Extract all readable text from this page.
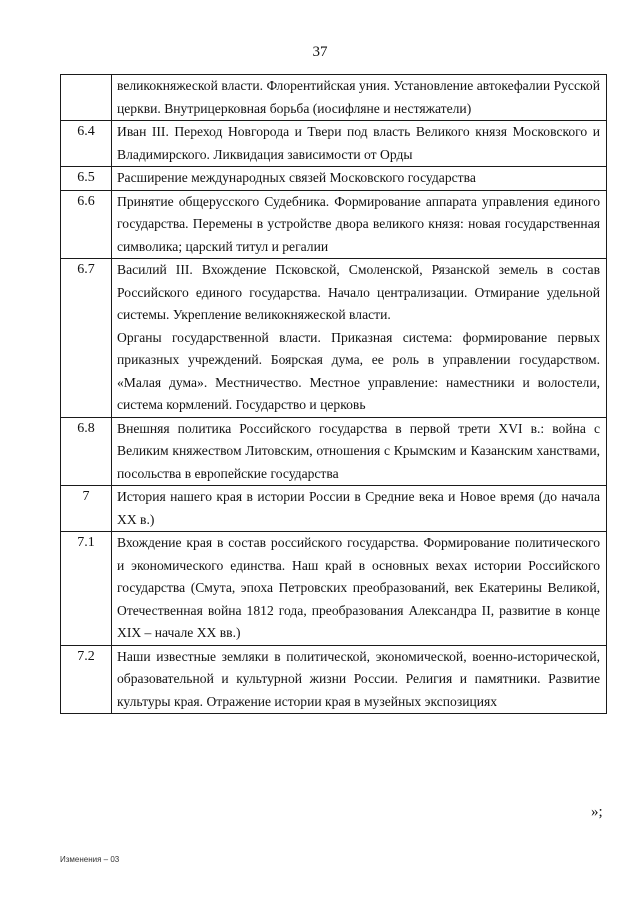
37

	великокняжеской власти. Флорентийская уния. Установление автокефалии Русской церкви. Внутрицерковная борьба (иосифляне и нестяжатели)

6.4	Иван III. Переход Новгорода и Твери под власть Великого князя Московского и Владимирского. Ликвидация зависимости от Орды

6.5	Расширение международных связей Московского государства

6.6	Принятие общерусского Судебника. Формирование аппарата управления единого государства. Перемены в устройстве двора великого князя: новая государственная символика; царский титул и регалии

6.7	Василий III. Вхождение Псковской, Смоленской, Рязанской земель в состав Российского единого государства. Начало централизации. Отмирание удельной системы. Укрепление великокняжеской власти.

Органы государственной власти. Приказная система: формирование первых приказных учреждений. Боярская дума, ее роль в управлении государством. «Малая дума». Местничество. Местное управление: наместники и волостели, система кормлений. Государство и церковь

6.8	Внешняя политика Российского государства в первой трети XVI в.: война с Великим княжеством Литовским, отношения с Крымским и Казанским ханствами, посольства в европейские государства

7	История нашего края в истории России в Средние века и Новое время (до начала XX в.)

7.1	Вхождение края в состав российского государства. Формирование политического и экономического единства. Наш край в основных вехах истории Российского государства (Смута, эпоха Петровских преобразований, век Екатерины Великой, Отечественная война 1812 года, преобразования Александра II, развитие в конце XIX – начале XX вв.)

7.2	Наши известные земляки в политической, экономической, военно-исторической, образовательной и культурной жизни России. Религия и памятники. Развитие культуры края. Отражение истории края в музейных экспозициях

»;
Изменения – 03
